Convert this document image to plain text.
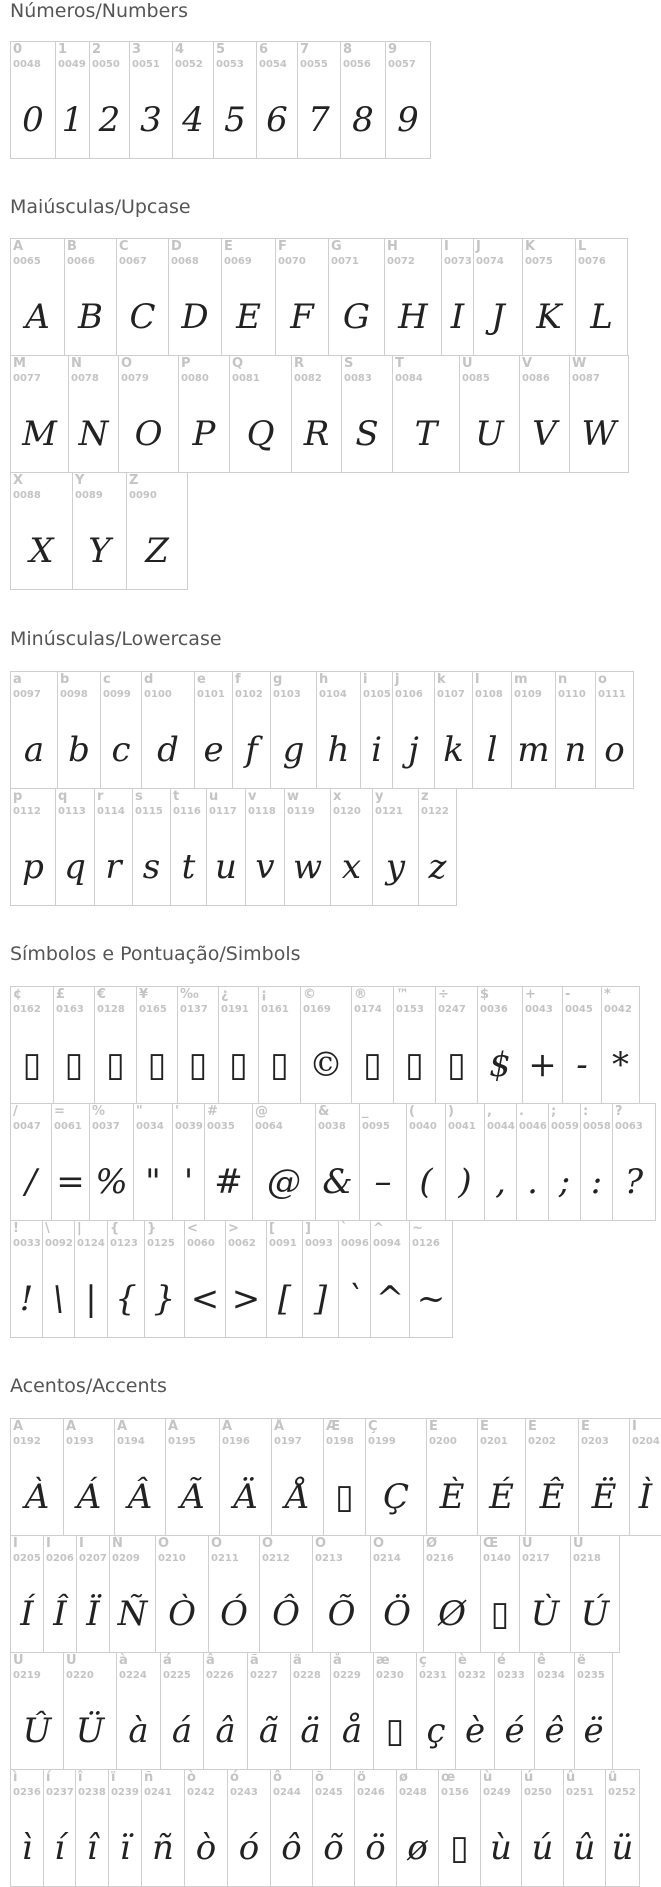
Números/Numbers
0
0048
0
1
0049
1
2
0050
2
3
0051
3
4
0052
4
5
0053
5
6
0054
6
7
0055
7
8
0056
8
9
0057
9
Maiúsculas/Upcase
A
0065
A
B
0066
B
C
0067
C
D
0068
D
E
0069
E
F
0070
F
G
0071
G
H
0072
H
I
0073
I
J
0074
J
K
0075
K
L
0076
L
M
0077
M
N
0078
N
O
0079
O
P
0080
P
Q
0081
Q
R
0082
R
S
0083
S
T
0084
T
U
0085
U
V
0086
V
W
0087
W
X
0088
X
Y
0089
Y
Z
0090
Z
Minúsculas/Lowercase
a
0097
a
b
0098
b
c
0099
c
d
0100
d
e
0101
e
f
0102
f
g
0103
g
h
0104
h
i
0105
i
j
0106
j
k
0107
k
l
0108
l
m
0109
m
n
0110
n
o
0111
o
p
0112
p
q
0113
q
r
0114
r
s
0115
s
t
0116
t
u
0117
u
v
0118
v
w
0119
w
x
0120
x
y
0121
y
z
0122
z
Símbolos e Pontuação/Simbols
¢
0162
▯
£
0163
▯
€
0128
▯
¥
0165
▯
‰
0137
▯
¿
0191
▯
¡
0161
▯
©
0169
©
®
0174
▯
™
0153
▯
÷
0247
▯
$
0036
$
+
0043
+
-
0045
-
*
0042
*
/
0047
/
=
0061
=
%
0037
%
"
0034
"
'
0039
'
#
0035
#
@
0064
@
&
0038
&
_
0095
–
(
0040
(
)
0041
)
,
0044
,
.
0046
.
;
0059
;
:
0058
:
?
0063
?
!
0033
!
\
0092
\
|
0124
|
{
0123
{
}
0125
}
<
0060
<
>
0062
>
[
0091
[
]
0093
]
`
0096
`
^
0094
^
~
0126
~
Acentos/Accents
À
0192
À
Á
0193
Á
Â
0194
Â
Ã
0195
Ã
Ä
0196
Ä
Å
0197
Å
Æ
0198
▯
Ç
0199
Ç
È
0200
È
É
0201
É
Ê
0202
Ê
Ë
0203
Ë
Ì
0204
Ì
Í
0205
Í
Î
0206
Î
Ï
0207
Ï
Ñ
0209
Ñ
Ò
0210
Ò
Ó
0211
Ó
Ô
0212
Ô
Õ
0213
Õ
Ö
0214
Ö
Ø
0216
Ø
Œ
0140
▯
Ù
0217
Ù
Ú
0218
Ú
Û
0219
Û
Ü
0220
Ü
à
0224
à
á
0225
á
â
0226
â
ã
0227
ã
ä
0228
ä
å
0229
å
æ
0230
▯
ç
0231
ç
è
0232
è
é
0233
é
ê
0234
ê
ë
0235
ë
ì
0236
ì
í
0237
í
î
0238
î
ï
0239
ï
ñ
0241
ñ
ò
0242
ò
ó
0243
ó
ô
0244
ô
õ
0245
õ
ö
0246
ö
ø
0248
ø
œ
0156
▯
ù
0249
ù
ú
0250
ú
û
0251
û
ü
0252
ü
